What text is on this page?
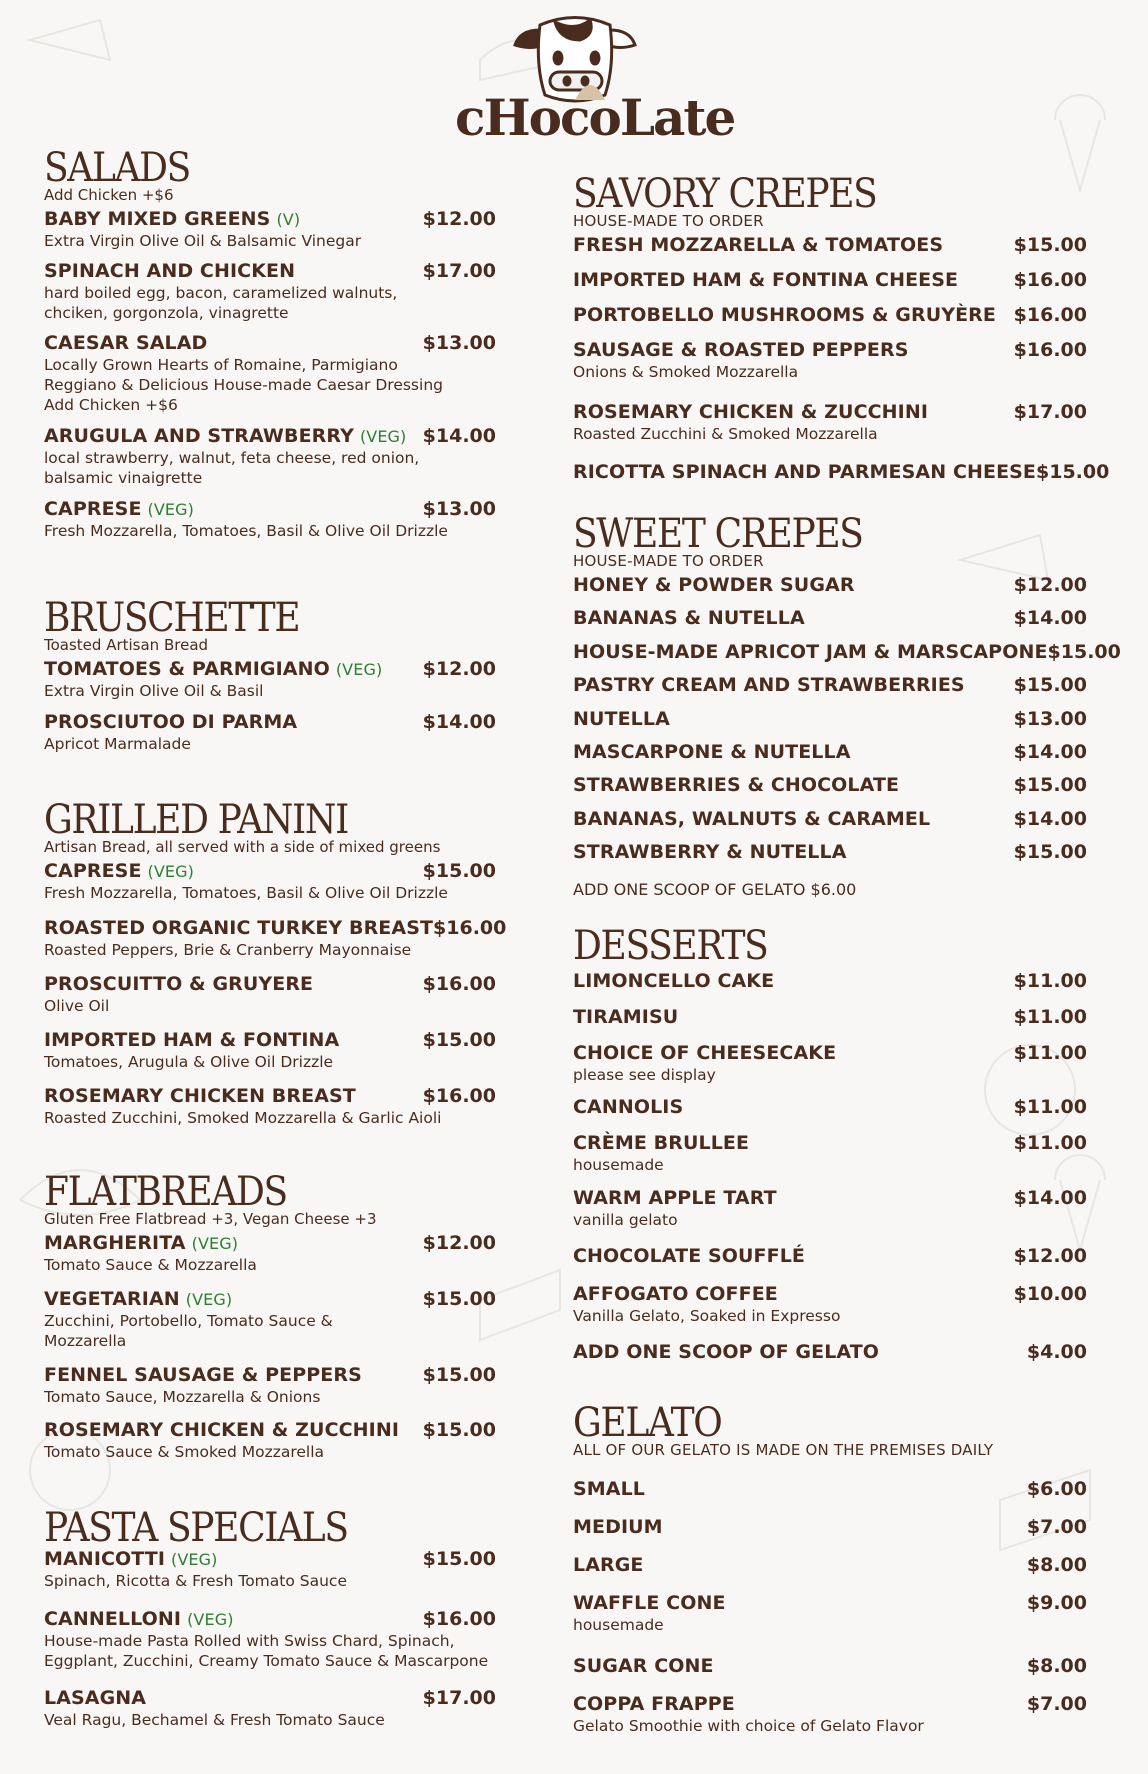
cHocoLate
SALADS
Add Chicken +$6
BABY MIXED GREENS (V)	$12.00
Extra Virgin Olive Oil & Balsamic Vinegar
SPINACH AND CHICKEN	$17.00
hard boiled egg, bacon, caramelized walnuts,
chciken, gorgonzola, vinagrette
CAESAR SALAD	$13.00
Locally Grown Hearts of Romaine, Parmigiano
Reggiano & Delicious House-made Caesar Dressing
Add Chicken +$6
ARUGULA AND STRAWBERRY (VEG) $14.00
local strawberry, walnut, feta cheese, red onion,
balsamic vinaigrette
CAPRESE (VEG)	$13.00
Fresh Mozzarella, Tomatoes, Basil & Olive Oil Drizzle
BRUSCHETTE
Toasted Artisan Bread
TOMATOES & PARMIGIANO (VEG) $12.00
Extra Virgin Olive Oil & Basil
PROSCIUTOO DI PARMA	$14.00
Apricot Marmalade
GRILLED PANINI
Artisan Bread, all served with a side of mixed greens
CAPRESE (VEG)	$15.00
Fresh Mozzarella, Tomatoes, Basil & Olive Oil Drizzle
ROASTED ORGANIC TURKEY BREAST $16.00
Roasted Peppers, Brie & Cranberry Mayonnaise
PROSCUITTO & GRUYERE	$16.00
Olive Oil
IMPORTED HAM & FONTINA	$15.00
Tomatoes, Arugula & Olive Oil Drizzle
ROSEMARY CHICKEN BREAST	$16.00
Roasted Zucchini, Smoked Mozzarella & Garlic Aioli
FLATBREADS
Gluten Free Flatbread +3, Vegan Cheese +3
MARGHERITA (VEG)	$12.00
Tomato Sauce & Mozzarella
VEGETARIAN (VEG)	$15.00
Zucchini, Portobello, Tomato Sauce &
Mozzarella
FENNEL SAUSAGE & PEPPERS	$15.00
Tomato Sauce, Mozzarella & Onions
ROSEMARY CHICKEN & ZUCCHINI $15.00
Tomato Sauce & Smoked Mozzarella
PASTA SPECIALS
MANICOTTI (VEG)	$15.00
Spinach, Ricotta & Fresh Tomato Sauce
CANNELLONI (VEG)	$16.00
House-made Pasta Rolled with Swiss Chard, Spinach,
Eggplant, Zucchini, Creamy Tomato Sauce & Mascarpone
LASAGNA	$17.00
Veal Ragu, Bechamel & Fresh Tomato Sauce
SAVORY CREPES
HOUSE-MADE TO ORDER
FRESH MOZZARELLA & TOMATOES	$15.00
IMPORTED HAM & FONTINA CHEESE	$16.00
PORTOBELLO MUSHROOMS & GRUYÈRE $16.00
SAUSAGE & ROASTED PEPPERS	$16.00
Onions & Smoked Mozzarella
ROSEMARY CHICKEN & ZUCCHINI	$17.00
Roasted Zucchini & Smoked Mozzarella
RICOTTA SPINACH AND PARMESAN CHEESE $15.00
SWEET CREPES
HOUSE-MADE TO ORDER
HONEY & POWDER SUGAR	$12.00
BANANAS & NUTELLA	$14.00
HOUSE-MADE APRICOT JAM & MARSCAPONE $15.00
PASTRY CREAM AND STRAWBERRIES	$15.00
NUTELLA	$13.00
MASCARPONE & NUTELLA	$14.00
STRAWBERRIES & CHOCOLATE	$15.00
BANANAS, WALNUTS & CARAMEL	$14.00
STRAWBERRY & NUTELLA	$15.00
ADD ONE SCOOP OF GELATO $6.00
DESSERTS
LIMONCELLO CAKE	$11.00
TIRAMISU	$11.00
CHOICE OF CHEESECAKE	$11.00
please see display
CANNOLIS	$11.00
CRÈME BRULLEE	$11.00
housemade
WARM APPLE TART	$14.00
vanilla gelato
CHOCOLATE SOUFFLÉ	$12.00
AFFOGATO COFFEE	$10.00
Vanilla Gelato, Soaked in Expresso
ADD ONE SCOOP OF GELATO	$4.00
GELATO
ALL OF OUR GELATO IS MADE ON THE PREMISES DAILY
SMALL	$6.00
MEDIUM	$7.00
LARGE	$8.00
WAFFLE CONE	$9.00
housemade
SUGAR CONE	$8.00
COPPA FRAPPE	$7.00
Gelato Smoothie with choice of Gelato Flavor
